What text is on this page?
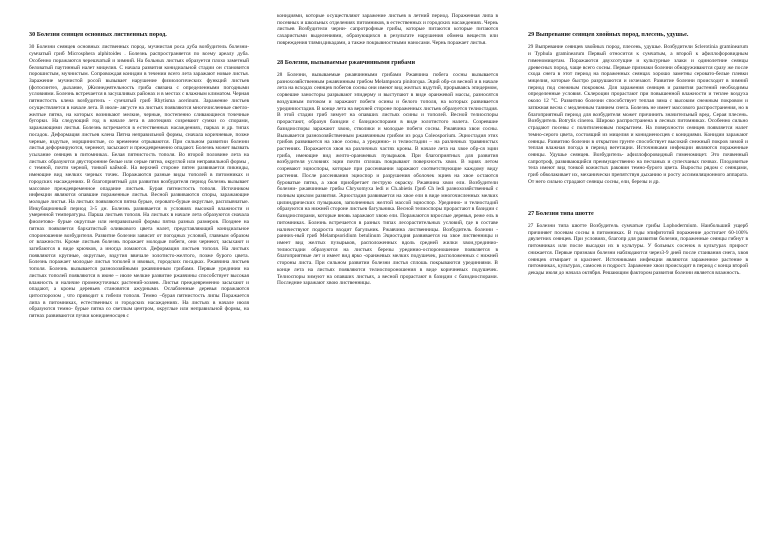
30 Болезни сеянцев основных лиственных пород.

30 Болезни сеянцев основных лиственных пород. мучнистая роса дуба возбудитель болезни- сумчатый гриб Microsphera alphitoides . Болезнь распространяется по всему ареалу дуба. Особенно поражаются черешчатый и зимний. На больных листьях образуется плохо заметный беловатый паутинный налет мицелия. С начала развития конидиальной стадии он становится порошистым, мучнистым. Сопровождая конидии в течении всего лета заражают новые листья. Заражение мучнистой росой вызывает нарушение физиологических функций листьев (фотосинтез, дыхание, )Жизнедеятельность гриба связана с определенными погодными условиями. Болезнь встречается в засушливых районах и в местах с влажным климатом. Черная пятнистость клена возбудитель - сумчатый гриб Rhytisma acerinum. Заражение листьев осуществляется в начале лета. В июле- августе на листьях появляются многочисленные светло-желтые пятна, на которых возникают мелкие, черные, постепенно сливающиеся точечные бугорки. На следующий год в начале лета в апотециях созревают сумки со спорами, заражающими листья. Болезнь встречается в естественных насаждениях, парках и др. типах посадок. Деформация листьев клена Пятна неправильной формы, сначала коричневые, позже черные, вздутые, морщинистые, со временем отрываются. При сильном развитии болезни листья деформируются, чернеют, засыхают и преждевременно опадают. Болезнь может вызвать усыхание сеянцев в питомниках. Белая пятнистость тополя. Во второй половине лета на листьях образуются двусторонние белые или серые пятна, округлой или неправильной формы , с темной, почти черной, тонкой каймой. На верхней стороне пятен развивается пикниды, имеющие вид мелких черных точек. Поражаются разные виды тополей в питомниках и городских насаждениях. В благоприятный для развития возбудителя период болезнь вызывает массовое преждевременное опадание листьев. Бурая пятнистость тополя. Источником инфекции являются опавшие пораженные листья. Весной развиваются споры, заражающие молодые листья. На листьях появляются пятна бурые, серовато-бурые округлые, расплывчатые. Инкубационный период 3-5 дн. Болезнь развивается в условиях высокой влажности и умеренной температуры. Парша листьев тополя. На листьях в начале лета образуются сначала фиолетово- бурые округлые или неправильной формы пятна разных размеров. Позднее на пятнах появляется бархатистый оливкового цвета налет, представляющий конидиальное спороношение возбудителя. Развитие болезни зависит от погодных условий, главным образом от влажности. Кроме листьев болезнь поражает молодые побеги, они чернеют, засыхают и загибаются в виде крючков, а иногда ломаются. Деформация листьев тополя. На листьях появляются крупные, округлые, вздутия ввичале золотисто-желтого, позже бурого цвета. Болезнь поражает молодые листья тополей и ивовых, городских посадках. Ржавчина листьев тополя. Болезнь вызывается разнохозяйными ржавчинным грибами. Первые урединии на листьях тополей появляются в июне – июле мелкие развитие ржавчины способствует высокая влажность и наличие промежуточных растений-хозяев. Листья преждевременно засыхают и опадают, а кроны деревьев становятся ажурными. Ослабленные деревья поражаются цитоспорозом , что приводит к гибели тополя. Темно –бурая пятнистость липы Поражается липа в питомниках, естественных и городских насаждениях. На листьях в начале июля образуются темно- бурые пятна со светлым центром, округлые или неправильной формы, на пятнах развиваются пучки конидиеносцев с

конидиями, которые осуществляют заражение листьев в летний период. Пораженная липа в посевных и школьных отделениях питомников, в естественных и городских насаждениях. Чернь листьев Возбудители черни- сапротрофные грибы, которые питаются которые питаются сахаристыми выделениями, образующихся в результате нарушения обмена веществ или повреждения тлями,цикадами, а также покрывностными наносами. Чернь поражает листья.

28 Болезни, вызываемые ржавчинными грибами

28 Болезни, вызываемые ржавчинными грибами Ржавчина побега сосны вызывается разнохозяйственным ржавчинным грибом Melampsora pinitorqua. Эций обр-ся весной и в начале лета на всходах сеянцев побегов сосны они имеют вид желтых вздутий, прорываясь эпидермом, сорвешие заносторы разрывают эпидерму и выступают в виде оранжевой массы, разносятся воздушным потоком и заражают побеги осины и белого тополя, на которых развивается урединиостадия. В конце лета на верхней стороне пораженных листьев образуется телиостадия. В этой стадии гриб зимует на опавших листьях осины и тополей. Весной телиоспоры прорастают, образуя базидии с базидиоспорами в виде золотистого налета. Созревшие базидиоспоры заражают хвою, стволики и молодые побеги сосны. Ржавчина хвои сосны. Вызывается разнохозяйственным ржавчинным грибом из рода Coleosporium. Эциостадия этих грибов развивается на хвое сосны, а урединио- и телиостадии – на различных травянистых растениях. Поражается хвоя на различных частях кроны. В начале лета на хвое обр-ся эции гриба, имеющие вид желто-оранжевых пузырьков. При благоприятных для развития возбудителя условиях эции почти сплошь покрывают поверхность хвои. В эциях летом созревают эциоспоры, которые при рассеивании заражают соответствующие каждому виду растения. После рассеивания эциоспор и разрушения оболочек эциев на хвое остаются буроватые пятна, а хвоя приобретает пеструю окраску. Ржавчина хвои ели. Возбудители болезни- ржавчинные грибы Chrysomyxa ledi и Ch.abietis Гриб Ch ledi разнохозяйственный с полным циклом развития. Эциостадия развивается на хвое ели в виде многочисленных мелких цилиндрических пузырьков, заполненных желтой массой эциоспор. Урединио- и телиостадий образуются на нижней стороне листьев багульника. Весной телиоспоры прорастают в базидии с базидиоспорами, которые вновь заражают хвою ели. Поражаются взрослые деревья, реже ель в питомниках. Болезнь встречается в разных типах лесорастительных условий, где в составе наличествуют подроста входит багульник. Ржавчина лиственницы. Возбудитель болезни - ранних-ный гриб Melampsoridium betulinum Эциостадия развивается на хвое лиственницы и имеет вид желтых пузырьков, расположенных вдоль средней жилки хвои,урединио- телиостадии образуются на листьях березы урединио-оспороношение появляется в благоприятные лет и имеет вид ярко -оранжевых мелких подушечек, расположенных с нижней стороны листа. При сильном развитии болезни листья сплошь покрываются урединиями. В конце лета на листьях появляются телиоспороношения в виде коричневых подушечек. Телиоспоры зимуют на опавших листьях, а весной прорастают в базидии с базидиоспорами. Последние заражают хвою лиственницы.

29 Выпревание сеянцев хвойных пород, плесень, удушье.

29 Выпревание сеянцев хвойных пород, плесень, удушье. Возбудители Sclerotinia graminearum и Typhula graminearum Первый относится к сумчатым, а второй к афиллофоровидным гименомицетам. Поражаются двухсотущие и культурные злаки и одинолетние сеянцы древесных пород, чаще всего сосны. Первые признаки болезни обнаруживаются сразу же после схода снега в этот период на пораженных сеянцах хорошо заметны серовато-белые плевки мицелия, которые быстро разрушаются и исчезают. Развитие болезни происходит в зимний период под снежным покровом. Для заражения сеянцев и развития растений необходимы определенные условия. Склероции прорастают при повышенной влажности и теплее воздуха около 12 °С. Развитию болезни способствует теплая зима с высоким снежным покровом и затяжная весна с медленным таянием снега. Болезнь не имеет массового распространения, но в благоприятный период для возбудителя может причинить значительный вред. Серая плесень. Возбудитель Botrytis cinerea. Широко распространена в лесных питомниках. Особенно сильно страдают посевы с политиленовым покрытием. На поверхности сеянцев появляется налет темно-серого цвета, состоящий из мицелия и конидиеносцев с конидиями. Конидии заражают сеянцы. Развитию болезни в открытом грунте способствует высокий снежный покров зимой и теплая влажная погода в период вегетации. Источниками инфекции являются пораженные сеянцы. Удушье сеянцев. Возбудитель- афиллофоровидный гименомицет. Это почвенный сапротроф, развивающийся преимущественно на песчаных и супесчаных почвах. Плодовитые тела имеют вид тонкой кожистых раковин темно-бурого цвета. Выросты рядом с сеянцами, гриб обволакивает их, механически препятствуя дыханию и росту ассимиляционного аппарата. От него сильно страдают сеянцы сосны, ели, березы и др.

27 Болезни типа шютте

27 Болезни типа шютте Возбудитель сумчатые грибы Lophodermium. Наибольший ущерб причиняет посевам сосны в питомниках. В годы эпифитотий поражение достигает 60-100% двулетних сеянцев. При условиях, благопр для развития болезни, пораженные сеянцы гибнут в питомниках или после высадки их в культуры. У больных сосенок в культурах прирост снижается. Первые признаки болезни наблюдаются через3-9 дней после стаивания снега, хвоя сеянцев отмирает и краснеет. Источниками инфекции являются зараженное растение в питомниках, культурах, самосев и подрост. Заражение хвои происходит в период с конца второй декады июля до начала октября. Решающим фактором развития болезни является влажность.
